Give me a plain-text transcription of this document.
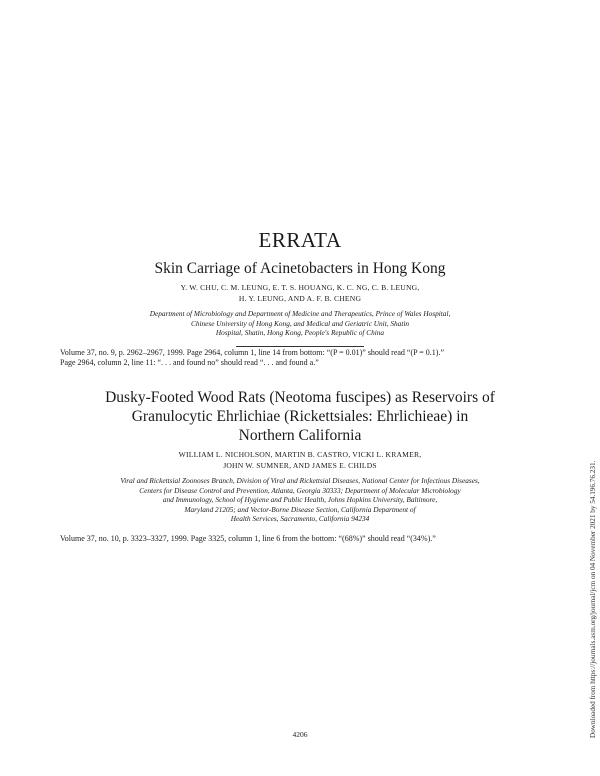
ERRATA
Skin Carriage of Acinetobacters in Hong Kong
Y. W. CHU, C. M. LEUNG, E. T. S. HOUANG, K. C. NG, C. B. LEUNG,
H. Y. LEUNG, AND A. F. B. CHENG
Department of Microbiology and Department of Medicine and Therapeutics, Prince of Wales Hospital,
Chinese University of Hong Kong, and Medical and Geriatric Unit, Shatin
Hospital, Shatin, Hong Kong, People's Republic of China
Volume 37, no. 9, p. 2962–2967, 1999. Page 2964, column 1, line 14 from bottom: “(P = 0.01)” should read “(P = 0.1).”
Page 2964, column 2, line 11: “. . . and found no” should read “. . . and found a.”
Dusky-Footed Wood Rats (Neotoma fuscipes) as Reservoirs of
Granulocytic Ehrlichiae (Rickettsiales: Ehrlichieae) in
Northern California
WILLIAM L. NICHOLSON, MARTIN B. CASTRO, VICKI L. KRAMER,
JOHN W. SUMNER, AND JAMES E. CHILDS
Viral and Rickettsial Zoonoses Branch, Division of Viral and Rickettsial Diseases, National Center for Infectious Diseases,
Centers for Disease Control and Prevention, Atlanta, Georgia 30333; Department of Molecular Microbiology
and Immunology, School of Hygiene and Public Health, Johns Hopkins University, Baltimore,
Maryland 21205; and Vector-Borne Disease Section, California Department of
Health Services, Sacramento, California 94234
Volume 37, no. 10, p. 3323–3327, 1999. Page 3325, column 1, line 6 from the bottom: “(68%)” should read “(34%).”
4206	Downloaded from https://journals.asm.org/journal/jcm on 04 November 2021 by 54.196.76.231.
